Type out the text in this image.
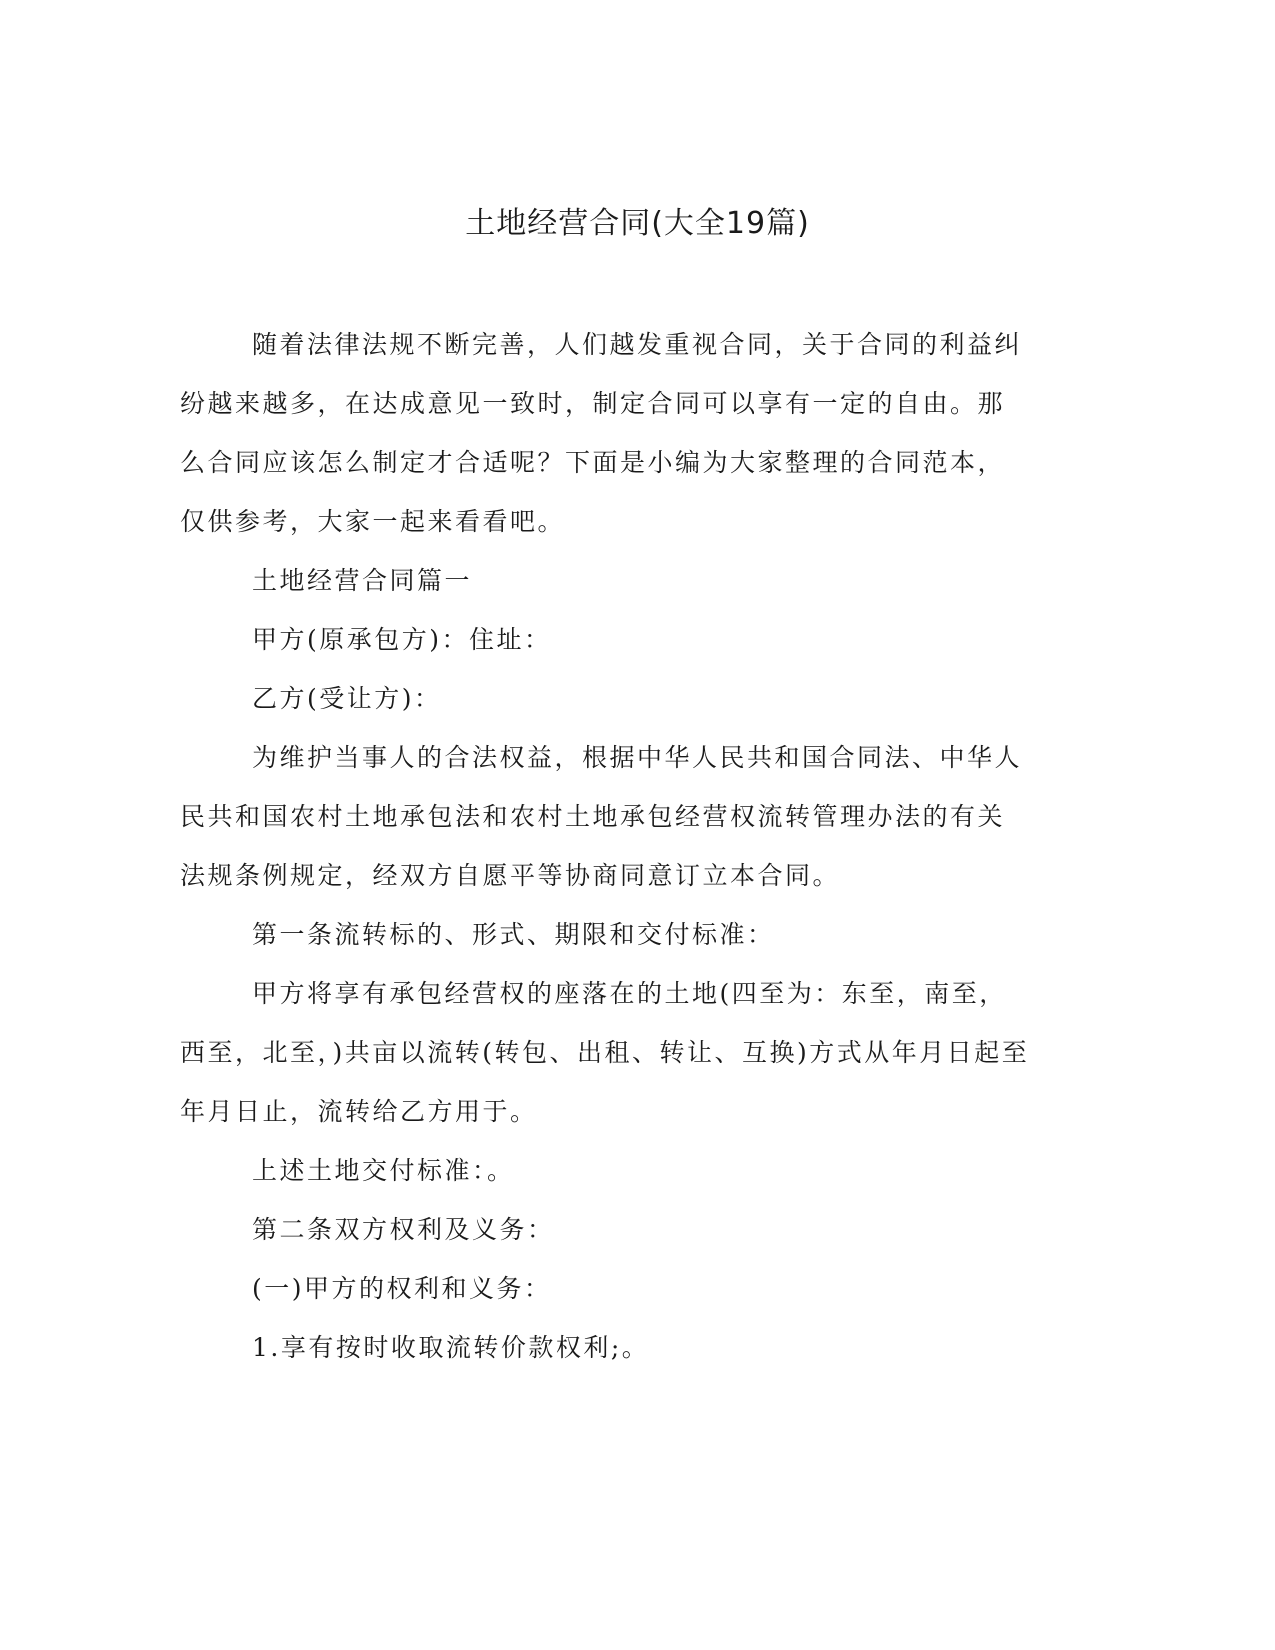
土地经营合同(大全19篇)

随着法律法规不断完善，人们越发重视合同，关于合同的利益纠纷越来越多，在达成意见一致时，制定合同可以享有一定的自由。那么合同应该怎么制定才合适呢？下面是小编为大家整理的合同范本，仅供参考，大家一起来看看吧。

土地经营合同篇一

甲方(原承包方)：住址：

乙方(受让方)：

为维护当事人的合法权益，根据中华人民共和国合同法、中华人民共和国农村土地承包法和农村土地承包经营权流转管理办法的有关法规条例规定，经双方自愿平等协商同意订立本合同。

第一条流转标的、形式、期限和交付标准：

甲方将享有承包经营权的座落在的土地(四至为：东至，南至，西至，北至，)共亩以流转(转包、出租、转让、互换)方式从年月日起至年月日止，流转给乙方用于。

上述土地交付标准：。

第二条双方权利及义务：

(一)甲方的权利和义务：

1.享有按时收取流转价款权利;。
